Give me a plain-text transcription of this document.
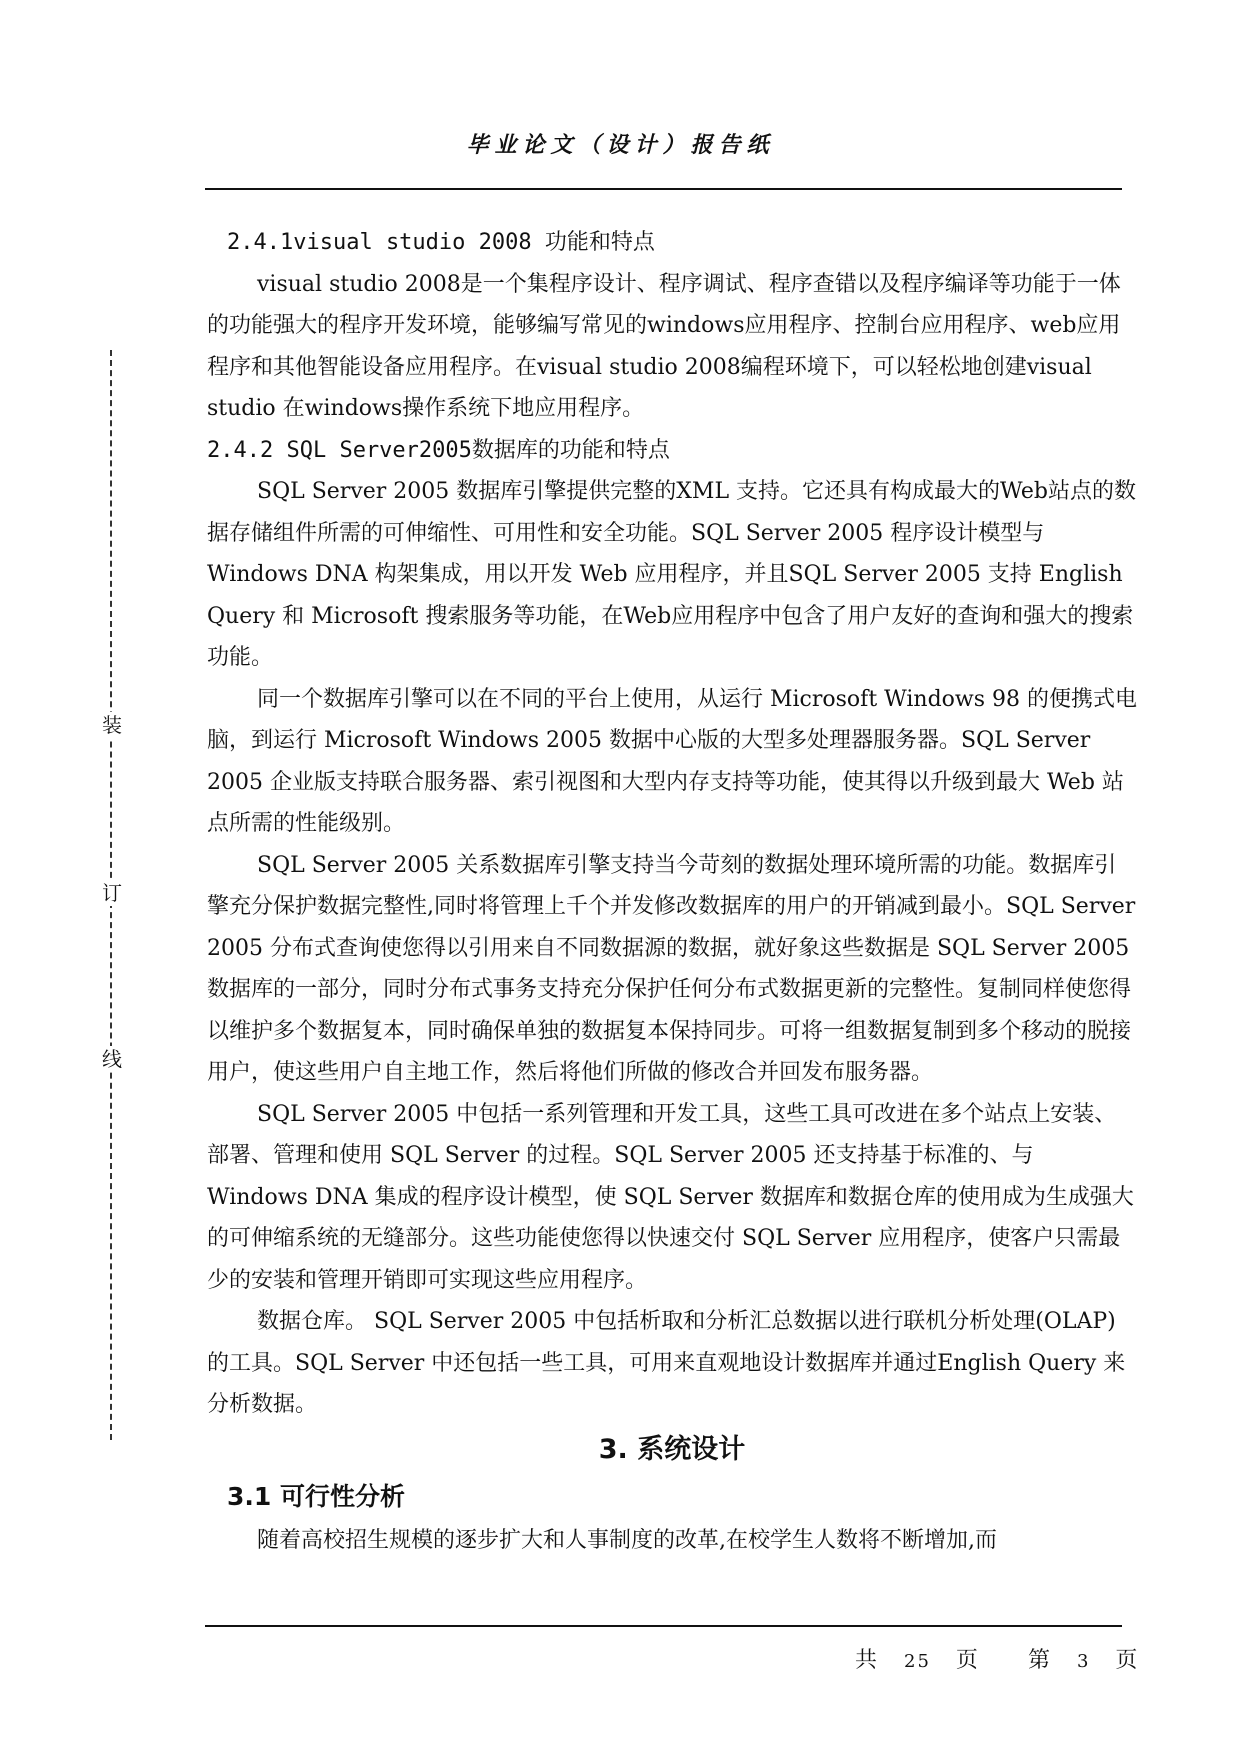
毕业论文（设计）报告纸
装
订
线

2.4.1visual studio 2008 功能和特点

visual studio 2008是一个集程序设计、程序调试、程序查错以及程序编译等功能于一体的功能强大的程序开发环境，能够编写常见的windows应用程序、控制台应用程序、web应用程序和其他智能设备应用程序。在visual studio 2008编程环境下，可以轻松地创建visual studio 在windows操作系统下地应用程序。

2.4.2 SQL Server2005数据库的功能和特点

SQL Server 2005 数据库引擎提供完整的XML 支持。它还具有构成最大的Web站点的数据存储组件所需的可伸缩性、可用性和安全功能。SQL Server 2005 程序设计模型与 Windows DNA 构架集成，用以开发 Web 应用程序，并且SQL Server 2005 支持 English Query 和 Microsoft 搜索服务等功能，在Web应用程序中包含了用户友好的查询和强大的搜索功能。

同一个数据库引擎可以在不同的平台上使用，从运行 Microsoft Windows 98 的便携式电脑，到运行 Microsoft Windows 2005 数据中心版的大型多处理器服务器。SQL Server 2005 企业版支持联合服务器、索引视图和大型内存支持等功能，使其得以升级到最大 Web 站点所需的性能级别。

SQL Server 2005 关系数据库引擎支持当今苛刻的数据处理环境所需的功能。数据库引擎充分保护数据完整性,同时将管理上千个并发修改数据库的用户的开销减到最小。SQL Server 2005 分布式查询使您得以引用来自不同数据源的数据，就好象这些数据是 SQL Server 2005 数据库的一部分，同时分布式事务支持充分保护任何分布式数据更新的完整性。复制同样使您得以维护多个数据复本，同时确保单独的数据复本保持同步。可将一组数据复制到多个移动的脱接用户，使这些用户自主地工作，然后将他们所做的修改合并回发布服务器。

SQL Server 2005 中包括一系列管理和开发工具，这些工具可改进在多个站点上安装、部署、管理和使用 SQL Server 的过程。SQL Server 2005 还支持基于标准的、与 Windows DNA 集成的程序设计模型，使 SQL Server 数据库和数据仓库的使用成为生成强大的可伸缩系统的无缝部分。这些功能使您得以快速交付 SQL Server 应用程序，使客户只需最少的安装和管理开销即可实现这些应用程序。

数据仓库。 SQL Server 2005 中包括析取和分析汇总数据以进行联机分析处理(OLAP) 的工具。SQL Server 中还包括一些工具，可用来直观地设计数据库并通过English Query 来分析数据。

3. 系统设计

3.1 可行性分析

随着高校招生规模的逐步扩大和人事制度的改革,在校学生人数将不断增加,而

共 25 页 第 3 页
